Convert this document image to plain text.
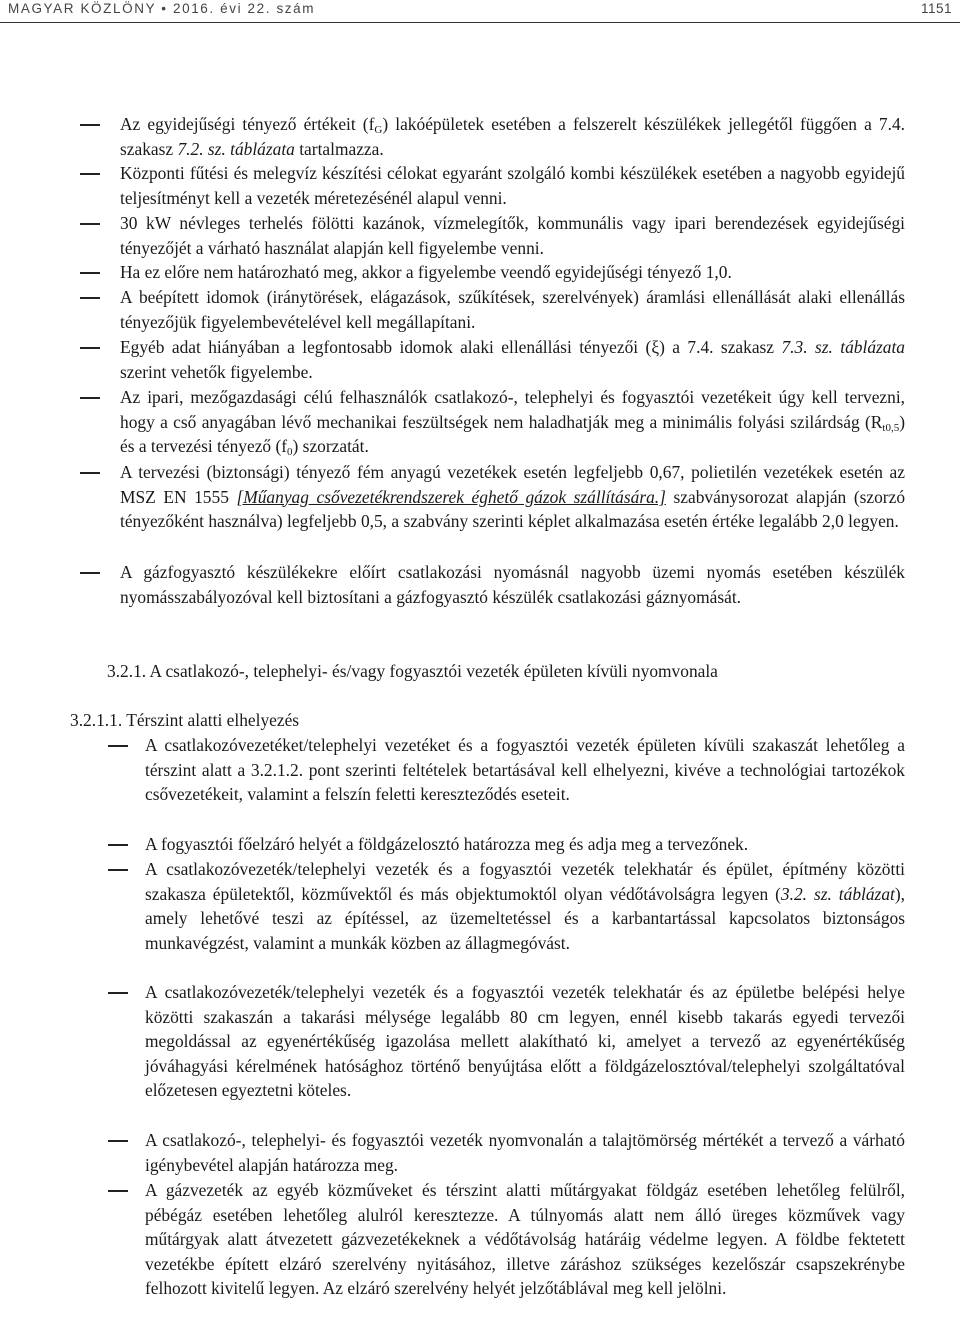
MAGYAR KÖZLÖNY • 2016. évi 22. szám	1151
Az egyidejűségi tényező értékeit $(f_G)$ lakóépületek esetében a felszerelt készülékek jellegétől függően a 7.4. szakasz 7.2. sz. táblázata tartalmazza.
Központi fűtési és melegvíz készítési célokat egyaránt szolgáló kombi készülékek esetében a nagyobb egyidejű teljesítményt kell a vezeték méretezésénél alapul venni.
30 kW névleges terhelés fölötti kazánok, vízmelegítők, kommunális vagy ipari berendezések egyidejűségi tényezőjét a várható használat alapján kell figyelembe venni.
Ha ez előre nem határozható meg, akkor a figyelembe veendő egyidejűségi tényező 1,0.
A beépített idomok (iránytörések, elágazások, szűkítések, szerelvények) áramlási ellenállását alaki ellenállás tényezőjük figyelembevételével kell megállapítani.
Egyéb adat hiányában a legfontosabb idomok alaki ellenállási tényezői (ξ) a 7.4. szakasz 7.3. sz. táblázata szerint vehetők figyelembe.
Az ipari, mezőgazdasági célú felhasználók csatlakozó-, telephelyi és fogyasztói vezetékeit úgy kell tervezni, hogy a cső anyagában lévő mechanikai feszültségek nem haladhatják meg a minimális folyási szilárdság $(R_{t0,5})$ és a tervezési tényező $(f_0)$ szorzatát.
A tervezési (biztonsági) tényező fém anyagú vezetékek esetén legfeljebb 0,67, polietilén vezetékek esetén az MSZ EN 1555 [Műanyag csővezetékrendszerek éghető gázok szállítására.] szabványsorozat alapján (szorzó tényezőként használva) legfeljebb 0,5, a szabvány szerinti képlet alkalmazása esetén értéke legalább 2,0 legyen.
A gázfogyasztó készülékekre előírt csatlakozási nyomásnál nagyobb üzemi nyomás esetében készülék nyomásszabályozóval kell biztosítani a gázfogyasztó készülék csatlakozási gáznyomását.
3.2.1. A csatlakozó-, telephelyi- és/vagy fogyasztói vezeték épületen kívüli nyomvonala
3.2.1.1. Térszint alatti elhelyezés
A csatlakozóvezetéket/telephelyi vezetéket és a fogyasztói vezeték épületen kívüli szakaszát lehetőleg a térszint alatt a 3.2.1.2. pont szerinti feltételek betartásával kell elhelyezni, kivéve a technológiai tartozékok csővezetékeit, valamint a felszín feletti kereszteződés eseteit.
A fogyasztói főelzáró helyét a földgázelosztó határozza meg és adja meg a tervezőnek.
A csatlakozóvezeték/telephelyi vezeték és a fogyasztói vezeték telekhatár és épület, építmény közötti szakasza épületektől, közművektől és más objektumoktól olyan védőtávolságra legyen (3.2. sz. táblázat), amely lehetővé teszi az építéssel, az üzemeltetéssel és a karbantartással kapcsolatos biztonságos munkavégzést, valamint a munkák közben az állagmegóvást.
A csatlakozóvezeték/telephelyi vezeték és a fogyasztói vezeték telekhatár és az épületbe belépési helye közötti szakaszán a takarási mélysége legalább 80 cm legyen, ennél kisebb takarás egyedi tervezői megoldással az egyenértékűség igazolása mellett alakítható ki, amelyet a tervező az egyenértékűség jóváhagyási kérelmének hatósághoz történő benyújtása előtt a földgázelosztóval/telephelyi szolgáltatóval előzetesen egyeztetni köteles.
A csatlakozó-, telephelyi- és fogyasztói vezeték nyomvonalán a talajtömörség mértékét a tervező a várható igénybevétel alapján határozza meg.
A gázvezeték az egyéb közműveket és térszint alatti műtárgyakat földgáz esetében lehetőleg felülről, pébégáz esetében lehetőleg alulról keresztezze. A túlnyomás alatt nem álló üreges közművek vagy műtárgyak alatt átvezetett gázvezetékeknek a védőtávolság határáig védelme legyen. A földbe fektetett vezetékbe épített elzáró szerelvény nyitásához, illetve záráshoz szükséges kezelőszár csapszekrénybe felhozott kivitelű legyen. Az elzáró szerelvény helyét jelzőtáblával meg kell jelölni.
